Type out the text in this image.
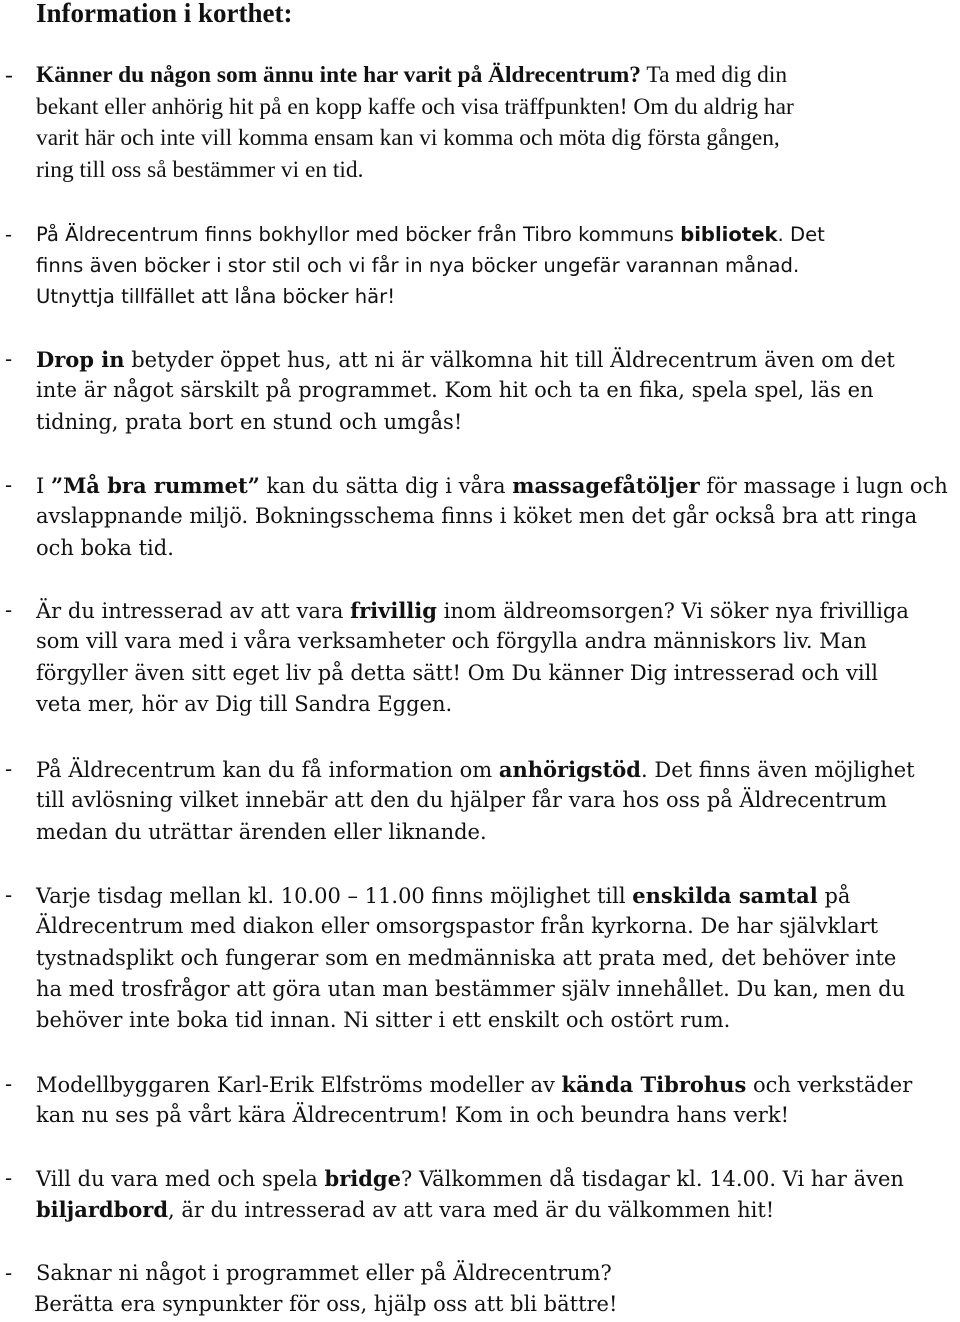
Information i korthet:
- Känner du någon som ännu inte har varit på Äldrecentrum? Ta med dig din
bekant eller anhörig hit på en kopp kaffe och visa träffpunkten! Om du aldrig har
varit här och inte vill komma ensam kan vi komma och möta dig första gången,
ring till oss så bestämmer vi en tid.
- På Äldrecentrum finns bokhyllor med böcker från Tibro kommuns bibliotek. Det
finns även böcker i stor stil och vi får in nya böcker ungefär varannan månad.
Utnyttja tillfället att låna böcker här!
- Drop in betyder öppet hus, att ni är välkomna hit till Äldrecentrum även om det
inte är något särskilt på programmet. Kom hit och ta en fika, spela spel, läs en
tidning, prata bort en stund och umgås!
- I ”Må bra rummet” kan du sätta dig i våra massagefåtöljer för massage i lugn och
avslappnande miljö. Bokningsschema finns i köket men det går också bra att ringa
och boka tid.
- Är du intresserad av att vara frivillig inom äldreomsorgen? Vi söker nya frivilliga
som vill vara med i våra verksamheter och förgylla andra människors liv. Man
förgyller även sitt eget liv på detta sätt! Om Du känner Dig intresserad och vill
veta mer, hör av Dig till Sandra Eggen.
- På Äldrecentrum kan du få information om anhörigstöd. Det finns även möjlighet
till avlösning vilket innebär att den du hjälper får vara hos oss på Äldrecentrum
medan du uträttar ärenden eller liknande.
- Varje tisdag mellan kl. 10.00 – 11.00 finns möjlighet till enskilda samtal på
Äldrecentrum med diakon eller omsorgspastor från kyrkorna. De har självklart
tystnadsplikt och fungerar som en medmänniska att prata med, det behöver inte
ha med trosfrågor att göra utan man bestämmer själv innehållet. Du kan, men du
behöver inte boka tid innan. Ni sitter i ett enskilt och ostört rum.
- Modellbyggaren Karl-Erik Elfströms modeller av kända Tibrohus och verkstäder
kan nu ses på vårt kära Äldrecentrum! Kom in och beundra hans verk!
- Vill du vara med och spela bridge? Välkommen då tisdagar kl. 14.00. Vi har även
biljardbord, är du intresserad av att vara med är du välkommen hit!
- Saknar ni något i programmet eller på Äldrecentrum?
Berätta era synpunkter för oss, hjälp oss att bli bättre!
